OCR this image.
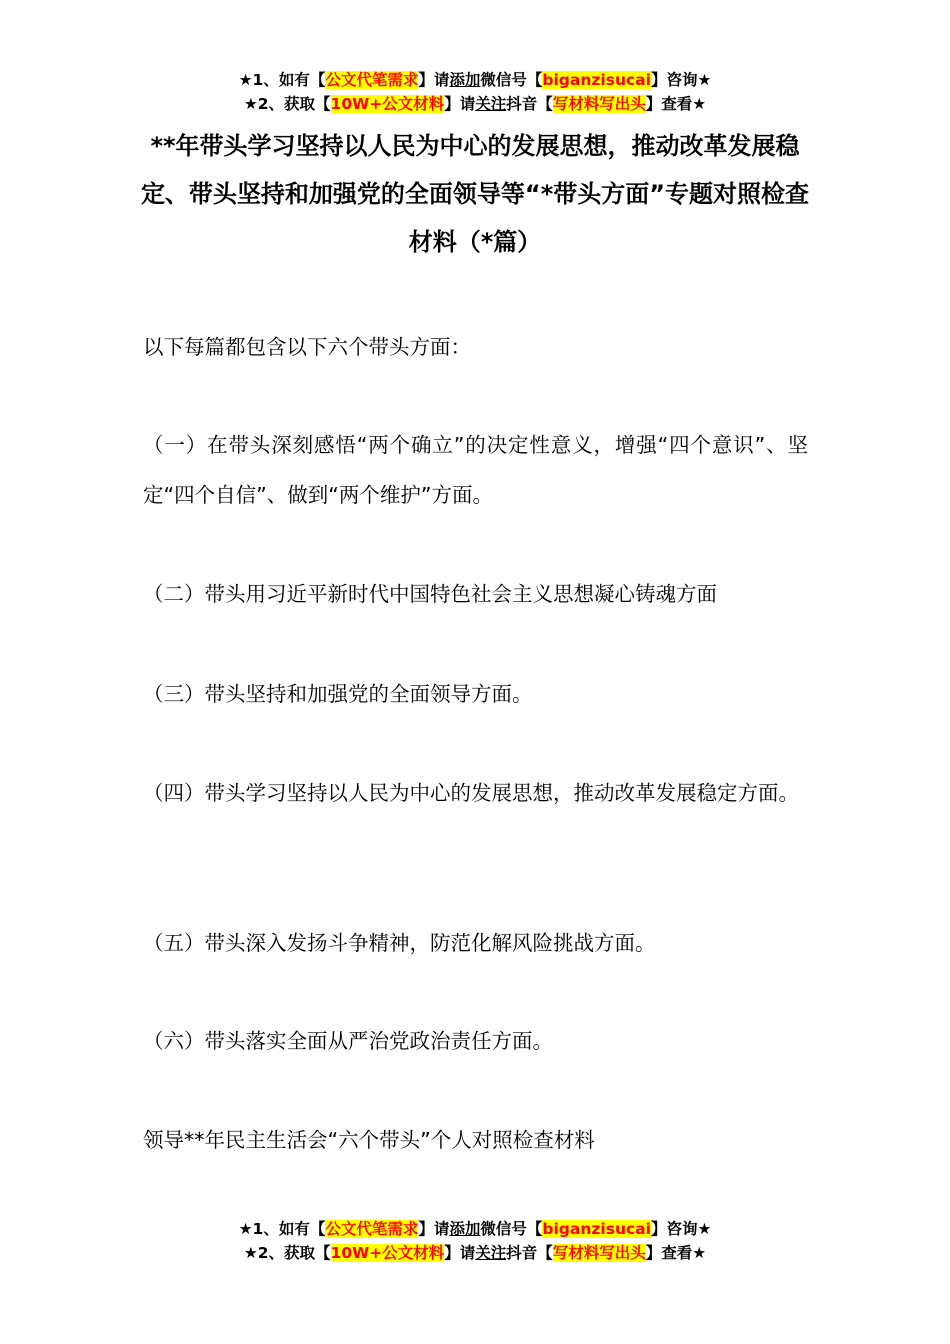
★1、如有【公文代笔需求】请添加微信号【biganzisucai】咨询★
★2、获取【10W+公文材料】请关注抖音【写材料写出头】查看★
**年带头学习坚持以人民为中心的发展思想，推动改革发展稳定、带头坚持和加强党的全面领导等“*带头方面”专题对照检查材料（*篇）
以下每篇都包含以下六个带头方面：
（一）在带头深刻感悟“两个确立”的决定性意义，增强“四个意识”、坚定“四个自信”、做到“两个维护”方面。
（二）带头用习近平新时代中国特色社会主义思想凝心铸魂方面
（三）带头坚持和加强党的全面领导方面。
（四）带头学习坚持以人民为中心的发展思想，推动改革发展稳定方面。
（五）带头深入发扬斗争精神，防范化解风险挑战方面。
（六）带头落实全面从严治党政治责任方面。
领导**年民主生活会“六个带头”个人对照检查材料
★1、如有【公文代笔需求】请添加微信号【biganzisucai】咨询★
★2、获取【10W+公文材料】请关注抖音【写材料写出头】查看★
